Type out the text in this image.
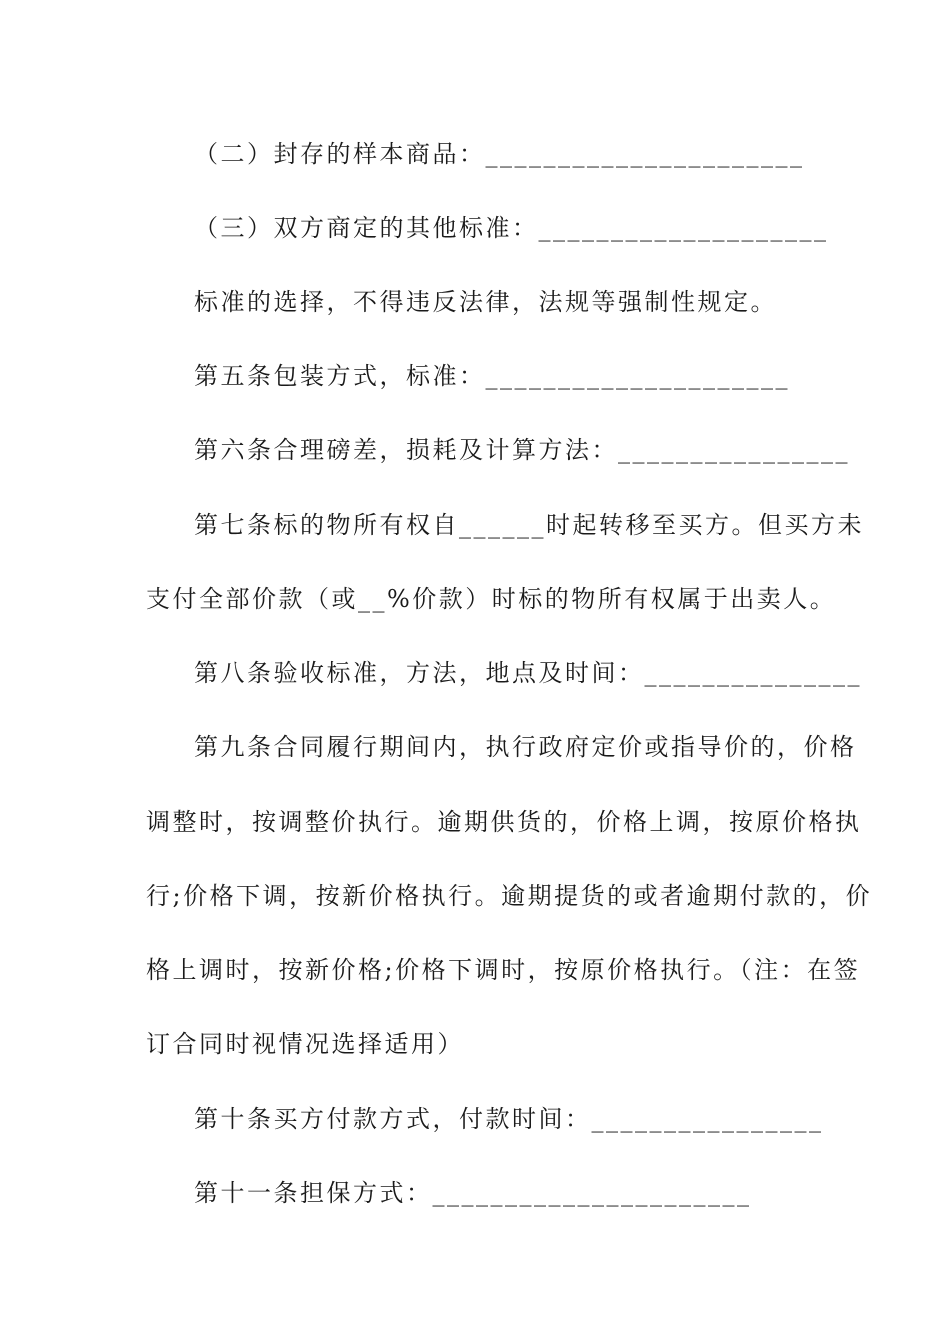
（二）封存的样本商品：______________________
（三）双方商定的其他标准：____________________
标准的选择，不得违反法律，法规等强制性规定。
第五条包装方式，标准：_____________________
第六条合理磅差，损耗及计算方法：________________
第七条标的物所有权自______时起转移至买方。但买方未
支付全部价款（或__%价款）时标的物所有权属于出卖人。
第八条验收标准，方法，地点及时间：_______________
第九条合同履行期间内，执行政府定价或指导价的，价格
调整时，按调整价执行。逾期供货的，价格上调，按原价格执
行;价格下调，按新价格执行。逾期提货的或者逾期付款的，价
格上调时，按新价格;价格下调时，按原价格执行。（注：在签
订合同时视情况选择适用）
第十条买方付款方式，付款时间：________________
第十一条担保方式：______________________
